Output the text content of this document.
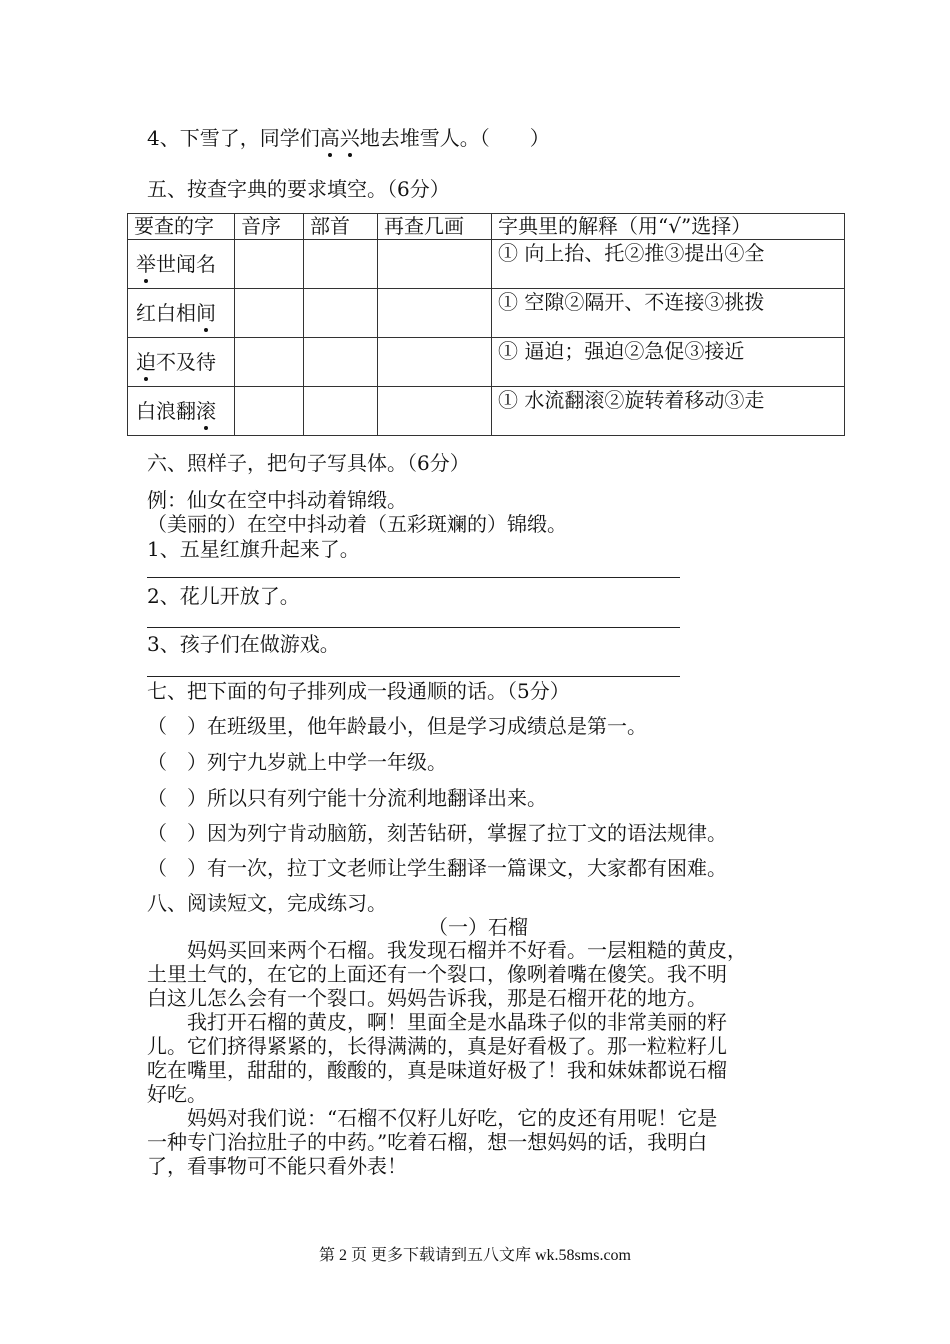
4、下雪了，同学们高兴地去堆雪人。（　　）
五、按查字典的要求填空。（6分）
要查的字	音序	部首	再查几画	字典里的解释（用“√”选择）
举世闻名				① 向上抬、托②推③提出④全
红白相间				① 空隙②隔开、不连接③挑拨
迫不及待				① 逼迫；强迫②急促③接近
白浪翻滚				① 水流翻滚②旋转着移动③走
六、照样子，把句子写具体。（6分）
例：仙女在空中抖动着锦缎。
（美丽的）在空中抖动着（五彩斑斓的）锦缎。
1、五星红旗升起来了。
2、花儿开放了。
3、孩子们在做游戏。
七、把下面的句子排列成一段通顺的话。（5分）
（　）在班级里，他年龄最小，但是学习成绩总是第一。
（　）列宁九岁就上中学一年级。
（　）所以只有列宁能十分流利地翻译出来。
（　）因为列宁肯动脑筋，刻苦钻研，掌握了拉丁文的语法规律。
（　）有一次，拉丁文老师让学生翻译一篇课文，大家都有困难。
八、阅读短文，完成练习。
（一）石榴
　　妈妈买回来两个石榴。我发现石榴并不好看。一层粗糙的黄皮，
土里土气的，在它的上面还有一个裂口，像咧着嘴在傻笑。我不明
白这儿怎么会有一个裂口。妈妈告诉我，那是石榴开花的地方。
　　我打开石榴的黄皮，啊！里面全是水晶珠子似的非常美丽的籽
儿。它们挤得紧紧的，长得满满的，真是好看极了。那一粒粒籽儿
吃在嘴里，甜甜的，酸酸的，真是味道好极了！我和妹妹都说石榴
好吃。
　　妈妈对我们说：“石榴不仅籽儿好吃，它的皮还有用呢！它是
一种专门治拉肚子的中药。”吃着石榴，想一想妈妈的话，我明白
了，看事物可不能只看外表！
第 2 页 更多下载请到五八文库 wk.58sms.com
